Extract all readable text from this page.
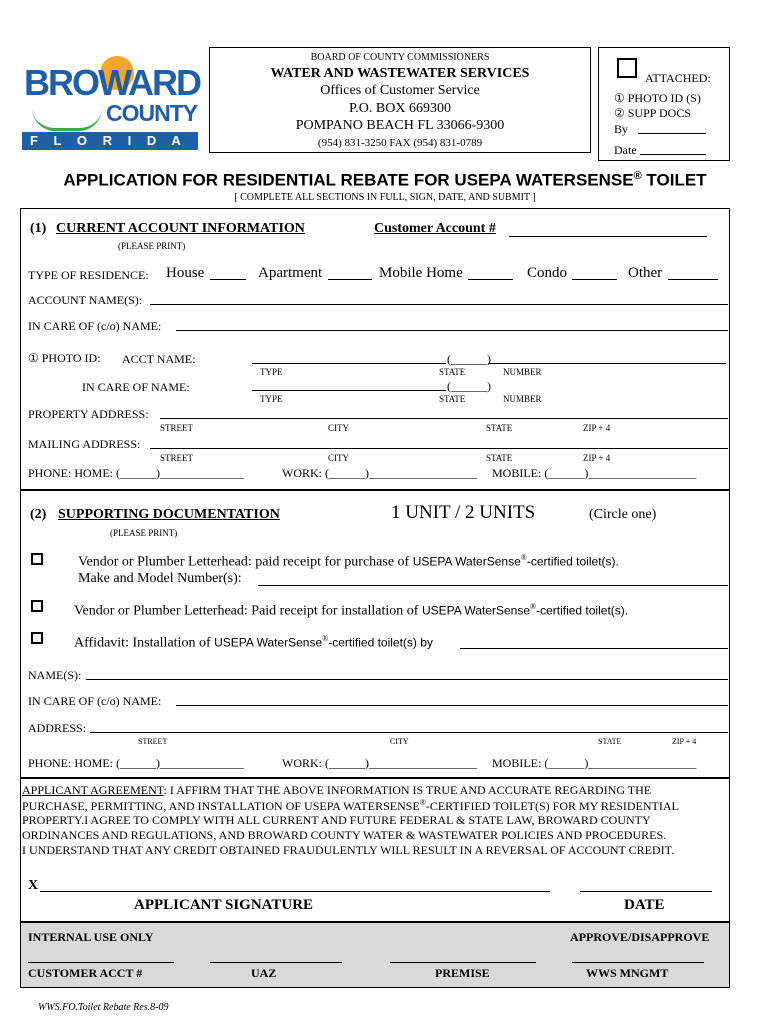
BROWARD
COUNTY
F L O R I D A
BOARD OF COUNTY COMMISSIONERS
WATER AND WASTEWATER SERVICES
Offices of Customer Service
P.O. BOX 669300
POMPANO BEACH FL 33066-9300
(954) 831-3250 FAX (954) 831-0789
ATTACHED:
① PHOTO ID (S)
② SUPP DOCS
By
Date
APPLICATION FOR RESIDENTIAL REBATE FOR USEPA WATERSENSE® TOILET
[ COMPLETE ALL SECTIONS IN FULL, SIGN, DATE, AND SUBMIT ]
(1) CURRENT ACCOUNT INFORMATION	Customer Account #
(PLEASE PRINT)
TYPE OF RESIDENCE: House	Apartment	Mobile Home	Condo	Other
ACCOUNT NAME(S):
IN CARE OF (c/o) NAME:
① PHOTO ID: ACCT NAME:	(______)
TYPE	STATE	NUMBER
IN CARE OF NAME:	(______)
TYPE	STATE	NUMBER
PROPERTY ADDRESS:
STREET	CITY	STATE	ZIP + 4
MAILING ADDRESS:
STREET	CITY	STATE	ZIP + 4
PHONE: HOME: (______)______________	WORK: (______)__________________ MOBILE: (______)__________________
(2) SUPPORTING DOCUMENTATION	1 UNIT / 2 UNITS	(Circle one)
(PLEASE PRINT)
Vendor or Plumber Letterhead: paid receipt for purchase of USEPA WaterSense®-certified toilet(s).
Make and Model Number(s):
Vendor or Plumber Letterhead: Paid receipt for installation of USEPA WaterSense®-certified toilet(s).
Affidavit: Installation of USEPA WaterSense®-certified toilet(s) by
NAME(S):
IN CARE OF (c/o) NAME:
ADDRESS:
STREET	CITY	STATE	ZIP + 4
PHONE: HOME: (______)______________	WORK: (______)__________________ MOBILE: (______)__________________
APPLICANT AGREEMENT: I AFFIRM THAT THE ABOVE INFORMATION IS TRUE AND ACCURATE REGARDING THE
PURCHASE, PERMITTING, AND INSTALLATION OF USEPA WATERSENSE®-CERTIFIED TOILET(S) FOR MY RESIDENTIAL
PROPERTY.I AGREE TO COMPLY WITH ALL CURRENT AND FUTURE FEDERAL & STATE LAW, BROWARD COUNTY
ORDINANCES AND REGULATIONS, AND BROWARD COUNTY WATER & WASTEWATER POLICIES AND PROCEDURES.
I UNDERSTAND THAT ANY CREDIT OBTAINED FRAUDULENTLY WILL RESULT IN A REVERSAL OF ACCOUNT CREDIT.
X
APPLICANT SIGNATURE	DATE
INTERNAL USE ONLY	APPROVE/DISAPPROVE
CUSTOMER ACCT #	UAZ	PREMISE	WWS MNGMT
WWS.FO.Toilet Rebate Res.8-09
